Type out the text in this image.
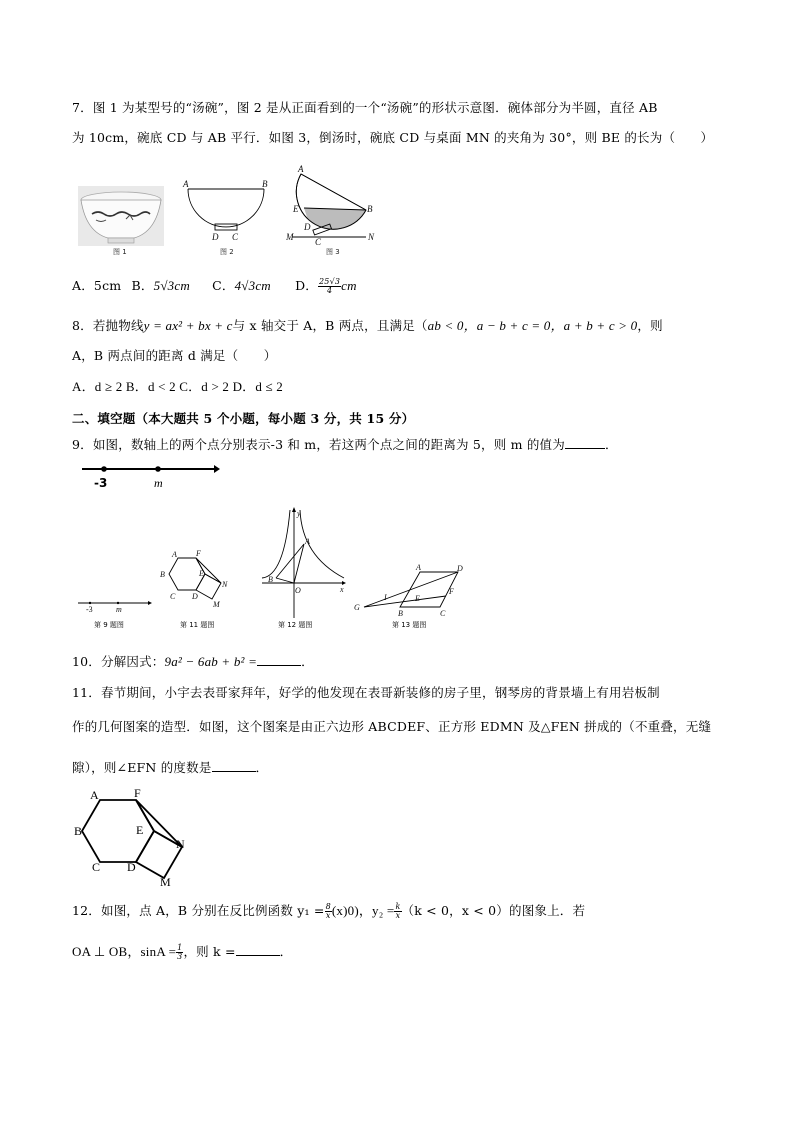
7．图 1 为某型号的“汤碗”，图 2 是从正面看到的一个“汤碗”的形状示意图．碗体部分为半圆，直径 AB
为 10cm，碗底 CD 与 AB 平行．如图 3，倒汤时，碗底 CD 与桌面 MN 的夹角为 30°，则 BE 的长为（　　）
图 1
A	B
D C
图 2
A
E	B
D
C
M	N
图 3
A．5cm B．5√3cm C．4√3cm D． $\frac{25√3}{4}$ cm
8．若抛物线y = ax² + bx + c与 x 轴交于 A，B 两点，且满足（ab < 0，a − b + c = 0，a + b + c > 0，则
A，B 两点间的距离 d 满足（　　）
A．d ≥ 2 B．d < 2 C．d > 2 D．d ≤ 2
二、填空题（本大题共 5 个小题，每小题 3 分，共 15 分）
9．如图，数轴上的两个点分别表示-3 和 m，若这两个点之间的距离为 5，则 m 的值为	．
-3	m
-3	m
A F
B	E
N
C D
M
y
A
B
O	x
A	D
F
G
I	E
B	C
第 9 题图	第 11 题图	第 12 题图	第 13 题图
10．分解因式：9a² − 6ab + b² =	．
11．春节期间，小宇去表哥家拜年，好学的他发现在表哥新装修的房子里，钢琴房的背景墙上有用岩板制
作的几何图案的造型．如图，这个图案是由正六边形 ABCDEF、正方形 EDMN 及△FEN 拼成的（不重叠，无缝
隙），则∠EFN 的度数是	．
A	F
B	E
N
C D
M
12．如图，点 A，B 分别在反比例函数 $y_1 = \frac{8}{x} (x)0$)，$y_2 = \frac{k}{x} (k < 0$，x < 0）的图象上．若
OA ⊥ OB，$\sin A = \frac{1}{3}$ ，则 k =	．
